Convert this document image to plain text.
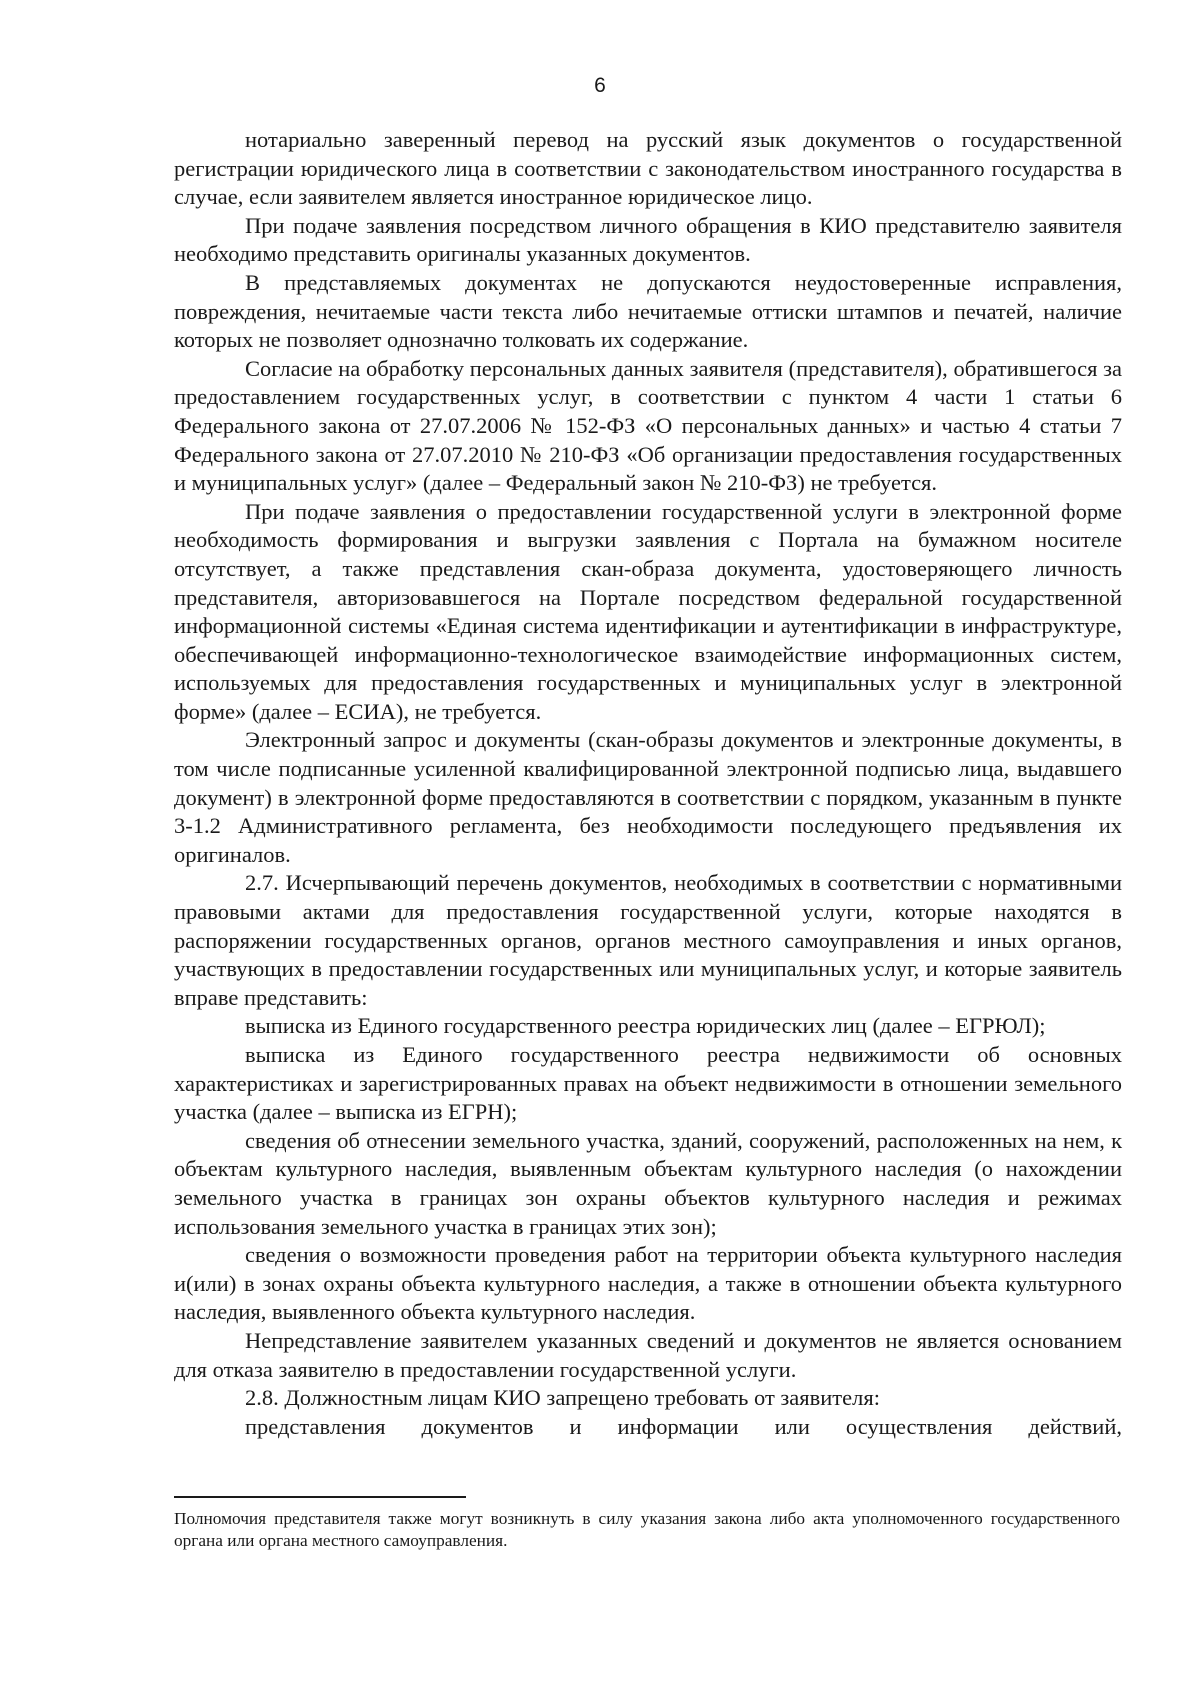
6

нотариально заверенный перевод на русский язык документов о государственной регистрации юридического лица в соответствии с законодательством иностранного государства в случае, если заявителем является иностранное юридическое лицо.

При подаче заявления посредством личного обращения в КИО представителю заявителя необходимо представить оригиналы указанных документов.

В представляемых документах не допускаются неудостоверенные исправления, повреждения, нечитаемые части текста либо нечитаемые оттиски штампов и печатей, наличие которых не позволяет однозначно толковать их содержание.

Согласие на обработку персональных данных заявителя (представителя), обратившегося за предоставлением государственных услуг, в соответствии с пунктом 4 части 1 статьи 6 Федерального закона от 27.07.2006 № 152-ФЗ «О персональных данных» и частью 4 статьи 7 Федерального закона от 27.07.2010 № 210-ФЗ «Об организации предоставления государственных и муниципальных услуг» (далее – Федеральный закон № 210-ФЗ) не требуется.

При подаче заявления о предоставлении государственной услуги в электронной форме необходимость формирования и выгрузки заявления с Портала на бумажном носителе отсутствует, а также представления скан-образа документа, удостоверяющего личность представителя, авторизовавшегося на Портале посредством федеральной государственной информационной системы «Единая система идентификации и аутентификации в инфраструктуре, обеспечивающей информационно-технологическое взаимодействие информационных систем, используемых для предоставления государственных и муниципальных услуг в электронной форме» (далее – ЕСИА), не требуется.

Электронный запрос и документы (скан-образы документов и электронные документы, в том числе подписанные усиленной квалифицированной электронной подписью лица, выдавшего документ) в электронной форме предоставляются в соответствии с порядком, указанным в пункте 3-1.2 Административного регламента, без необходимости последующего предъявления их оригиналов.

2.7. Исчерпывающий перечень документов, необходимых в соответствии с нормативными правовыми актами для предоставления государственной услуги, которые находятся в распоряжении государственных органов, органов местного самоуправления и иных органов, участвующих в предоставлении государственных или муниципальных услуг, и которые заявитель вправе представить:

выписка из Единого государственного реестра юридических лиц (далее – ЕГРЮЛ);

выписка из Единого государственного реестра недвижимости об основных характеристиках и зарегистрированных правах на объект недвижимости в отношении земельного участка (далее – выписка из ЕГРН);

сведения об отнесении земельного участка, зданий, сооружений, расположенных на нем, к объектам культурного наследия, выявленным объектам культурного наследия (о нахождении земельного участка в границах зон охраны объектов культурного наследия и режимах использования земельного участка в границах этих зон);

сведения о возможности проведения работ на территории объекта культурного наследия и(или) в зонах охраны объекта культурного наследия, а также в отношении объекта культурного наследия, выявленного объекта культурного наследия.

Непредставление заявителем указанных сведений и документов не является основанием для отказа заявителю в предоставлении государственной услуги.

2.8. Должностным лицам КИО запрещено требовать от заявителя:

представления документов и информации или осуществления действий,

Полномочия представителя также могут возникнуть в силу указания закона либо акта уполномоченного государственного органа или органа местного самоуправления.
